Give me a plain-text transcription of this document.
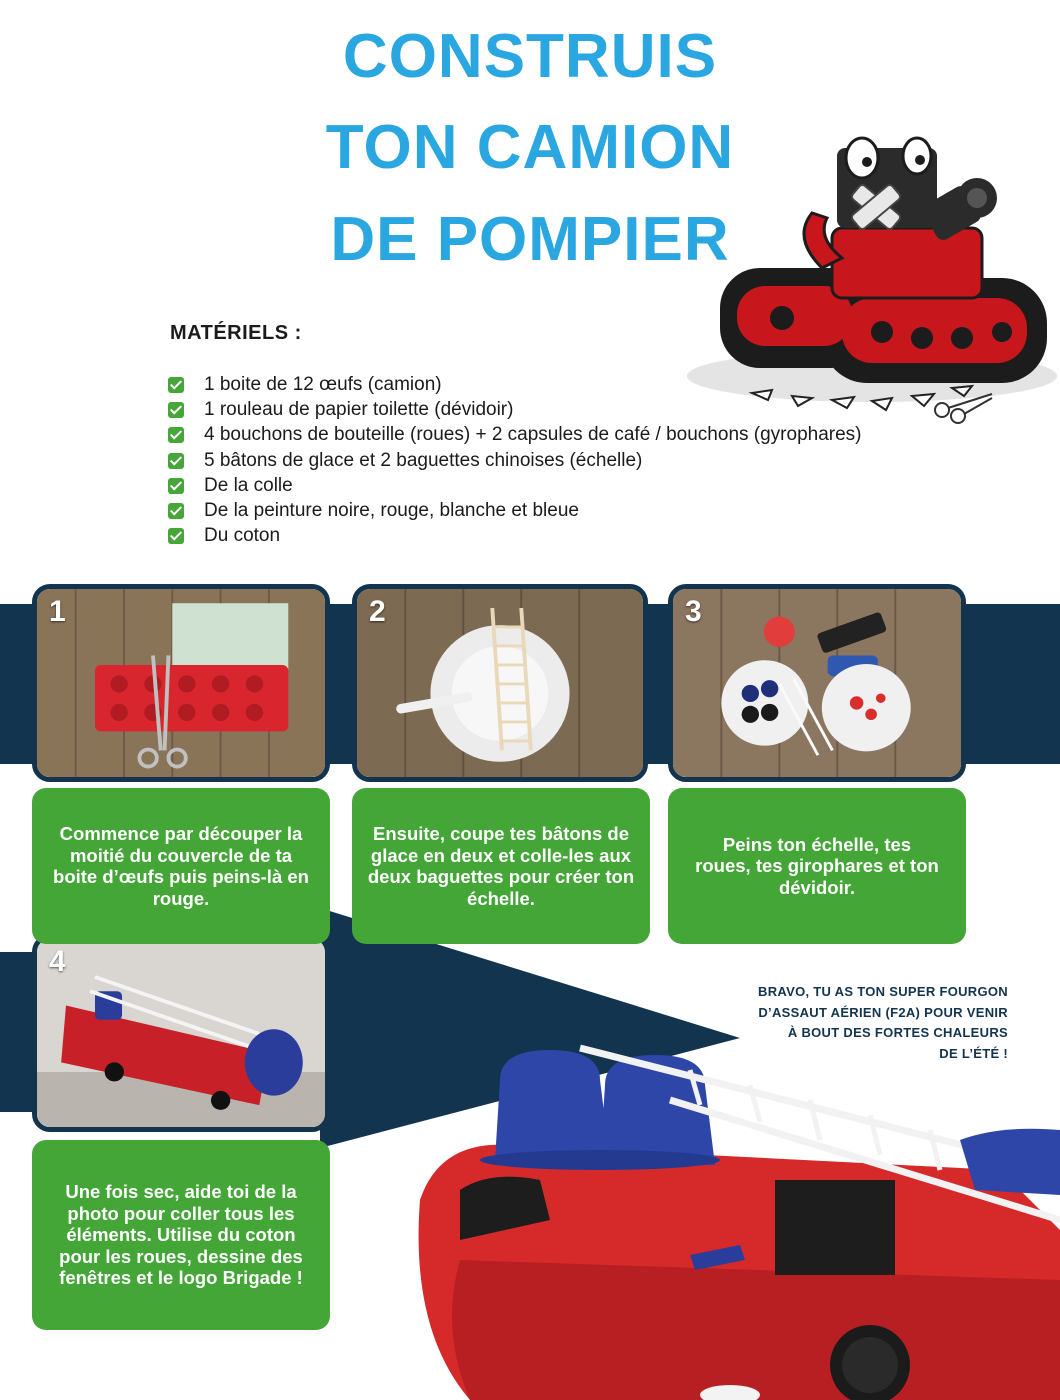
CONSTRUIS
TON CAMION
DE POMPIER
MATÉRIELS :
1 boite de 12 œufs (camion)
1 rouleau de papier toilette (dévidoir)
4 bouchons de bouteille (roues) + 2 capsules de café / bouchons (gyrophares)
5 bâtons de glace et 2 baguettes chinoises (échelle)
De la colle
De la peinture noire, rouge, blanche et bleue
Du coton
1	2	3
4
Commence par découper la moitié du couvercle de ta boite d’œufs puis peins-là en rouge.
Ensuite, coupe tes bâtons de glace en deux et colle-les aux deux baguettes pour créer ton échelle.
Peins ton échelle, tes roues, tes girophares et ton dévidoir.
Une fois sec, aide toi de la photo pour coller tous les éléments. Utilise du coton pour les roues, dessine des fenêtres et le logo Brigade !
BRAVO, TU AS TON SUPER FOURGON
D’ASSAUT AÉRIEN (F2A) POUR VENIR
À BOUT DES FORTES CHALEURS
DE L’ÉTÉ !
